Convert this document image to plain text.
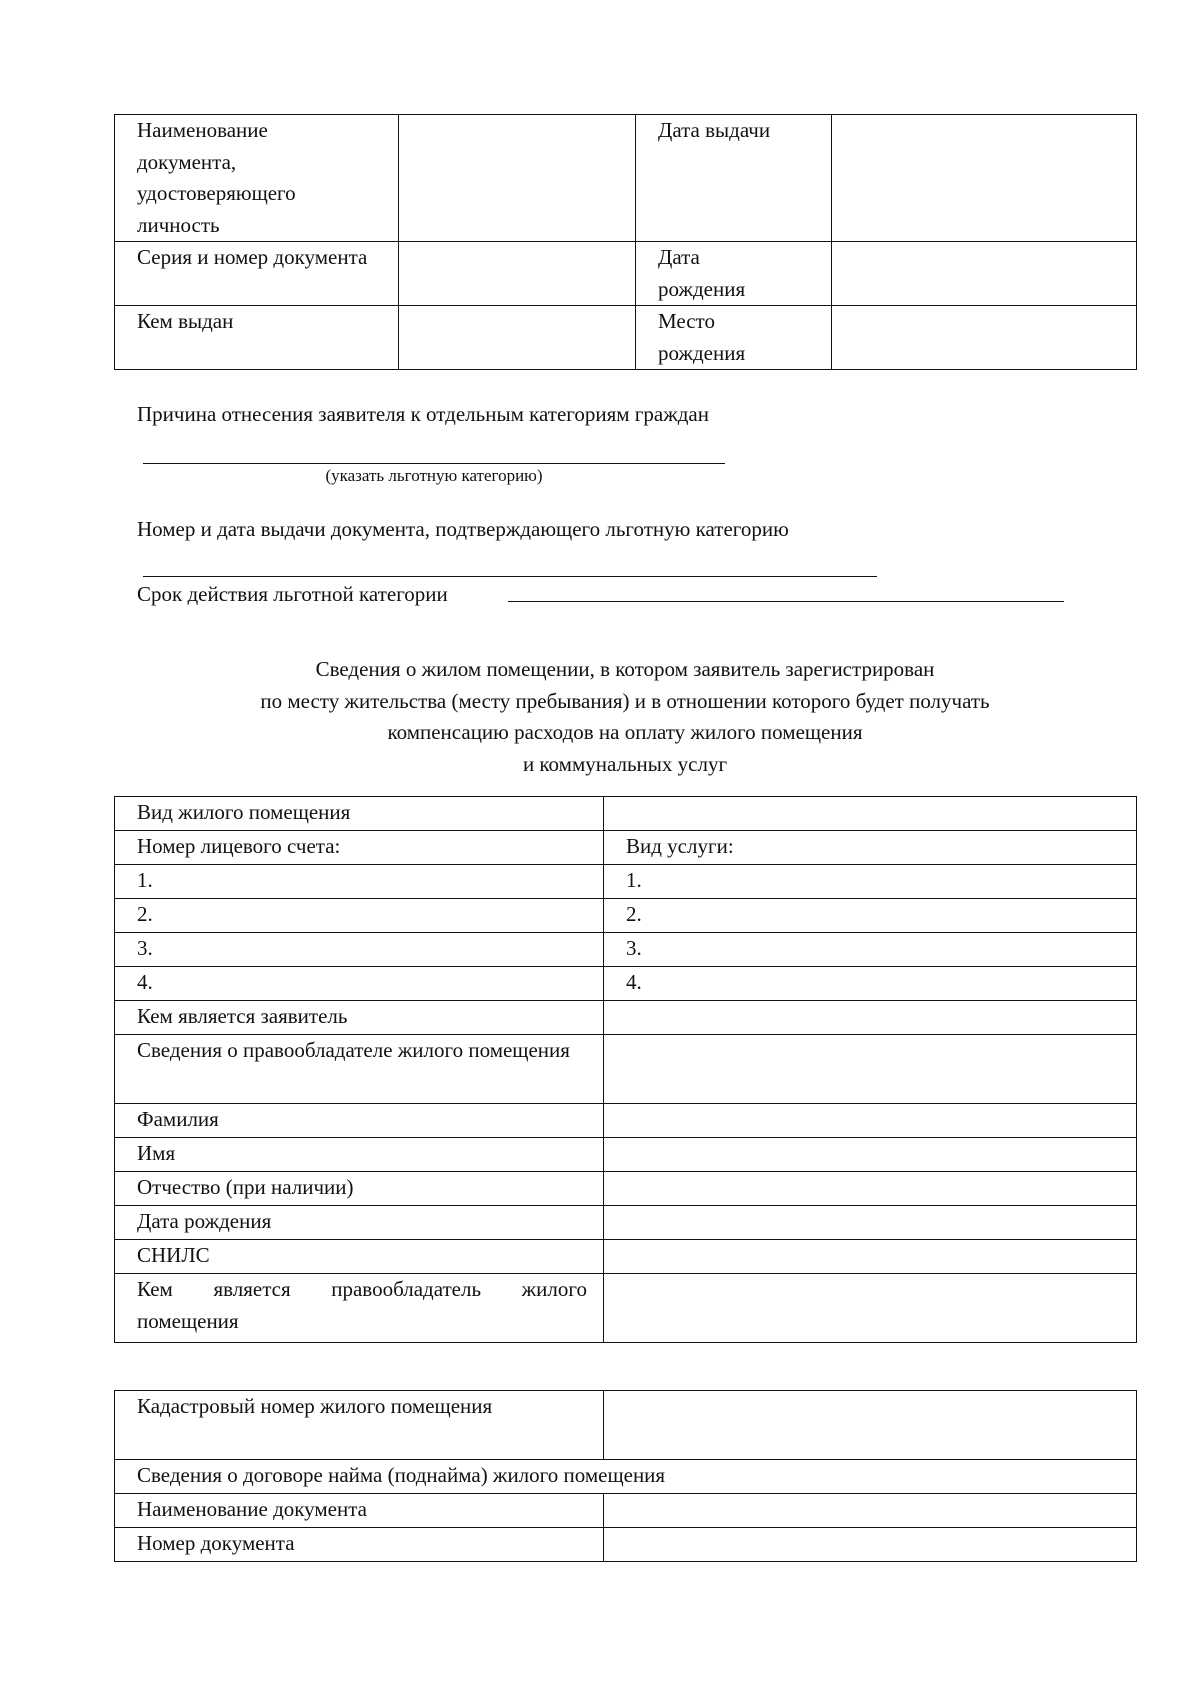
Наименование
документа,
удостоверяющего
личность		Дата выдачи	
Серия и номер документа		Дата рождения	
Кем выдан		Место рождения	
Причина отнесения заявителя к отдельным категориям граждан
(указать льготную категорию)
Номер и дата выдачи документа, подтверждающего льготную категорию
Срок действия льготной категории
Сведения о жилом помещении, в котором заявитель зарегистрирован
по месту жительства (месту пребывания) и в отношении которого будет получать
компенсацию расходов на оплату жилого помещения
и коммунальных услуг
Вид жилого помещения	
Номер лицевого счета:	Вид услуги:
1.	1.
2.	2.
3.	3.
4.	4.
Кем является заявитель	
Сведения о правообладателе жилого помещения	
Фамилия	
Имя	
Отчество (при наличии)	
Дата рождения	
СНИЛС	
Кем является правообладатель жилого помещения	
Кадастровый номер жилого помещения	
Сведения о договоре найма (поднайма) жилого помещения	
Наименование документа	
Номер документа	
